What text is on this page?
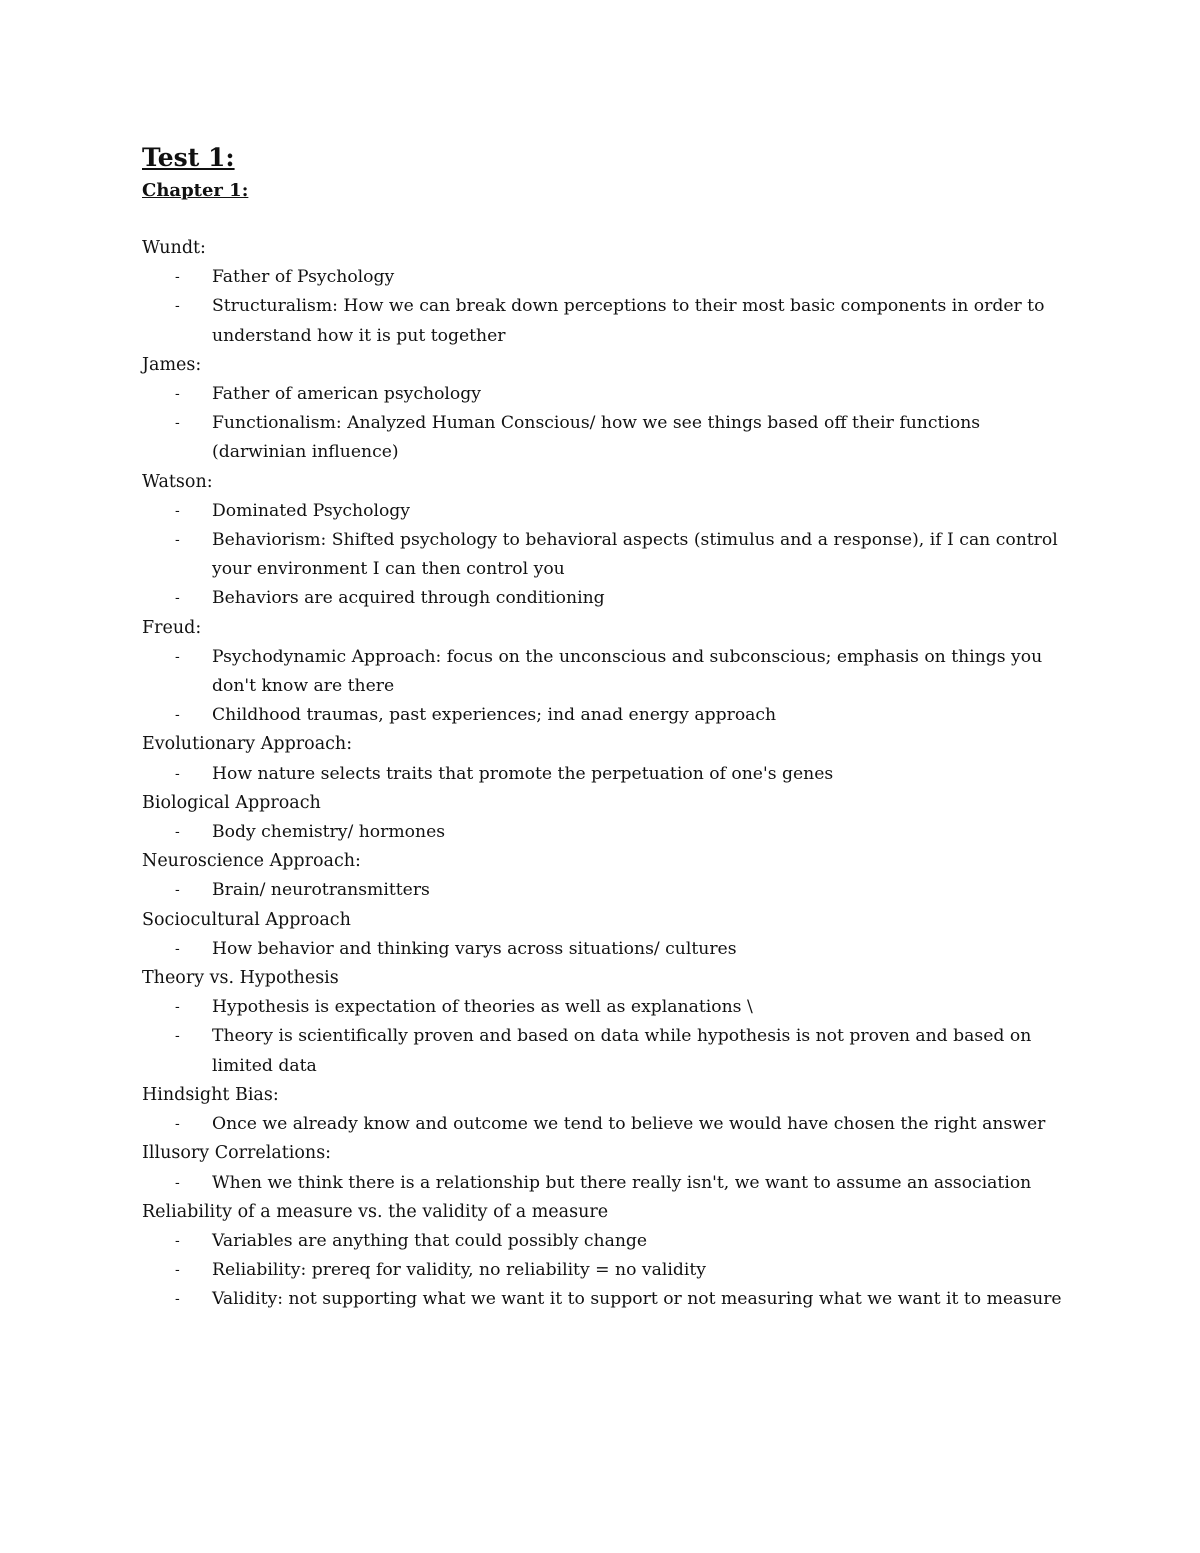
Test 1:
Chapter 1:
Wundt:
- Father of Psychology
- Structuralism: How we can break down perceptions to their most basic components in order to understand how it is put together
James:
- Father of american psychology
- Functionalism: Analyzed Human Conscious/ how we see things based off their functions (darwinian influence)
Watson:
- Dominated Psychology
- Behaviorism: Shifted psychology to behavioral aspects (stimulus and a response), if I can control your environment I can then control you
- Behaviors are acquired through conditioning
Freud:
- Psychodynamic Approach: focus on the unconscious and subconscious; emphasis on things you don't know are there
- Childhood traumas, past experiences; ind anad energy approach
Evolutionary Approach:
- How nature selects traits that promote the perpetuation of one's genes
Biological Approach
- Body chemistry/ hormones
Neuroscience Approach:
- Brain/ neurotransmitters
Sociocultural Approach
- How behavior and thinking varys across situations/ cultures
Theory vs. Hypothesis
- Hypothesis is expectation of theories as well as explanations \
- Theory is scientifically proven and based on data while hypothesis is not proven and based on limited data
Hindsight Bias:
- Once we already know and outcome we tend to believe we would have chosen the right answer
Illusory Correlations:
- When we think there is a relationship but there really isn't, we want to assume an association
Reliability of a measure vs. the validity of a measure
- Variables are anything that could possibly change
- Reliability: prereq for validity, no reliability = no validity
- Validity: not supporting what we want it to support or not measuring what we want it to measure
